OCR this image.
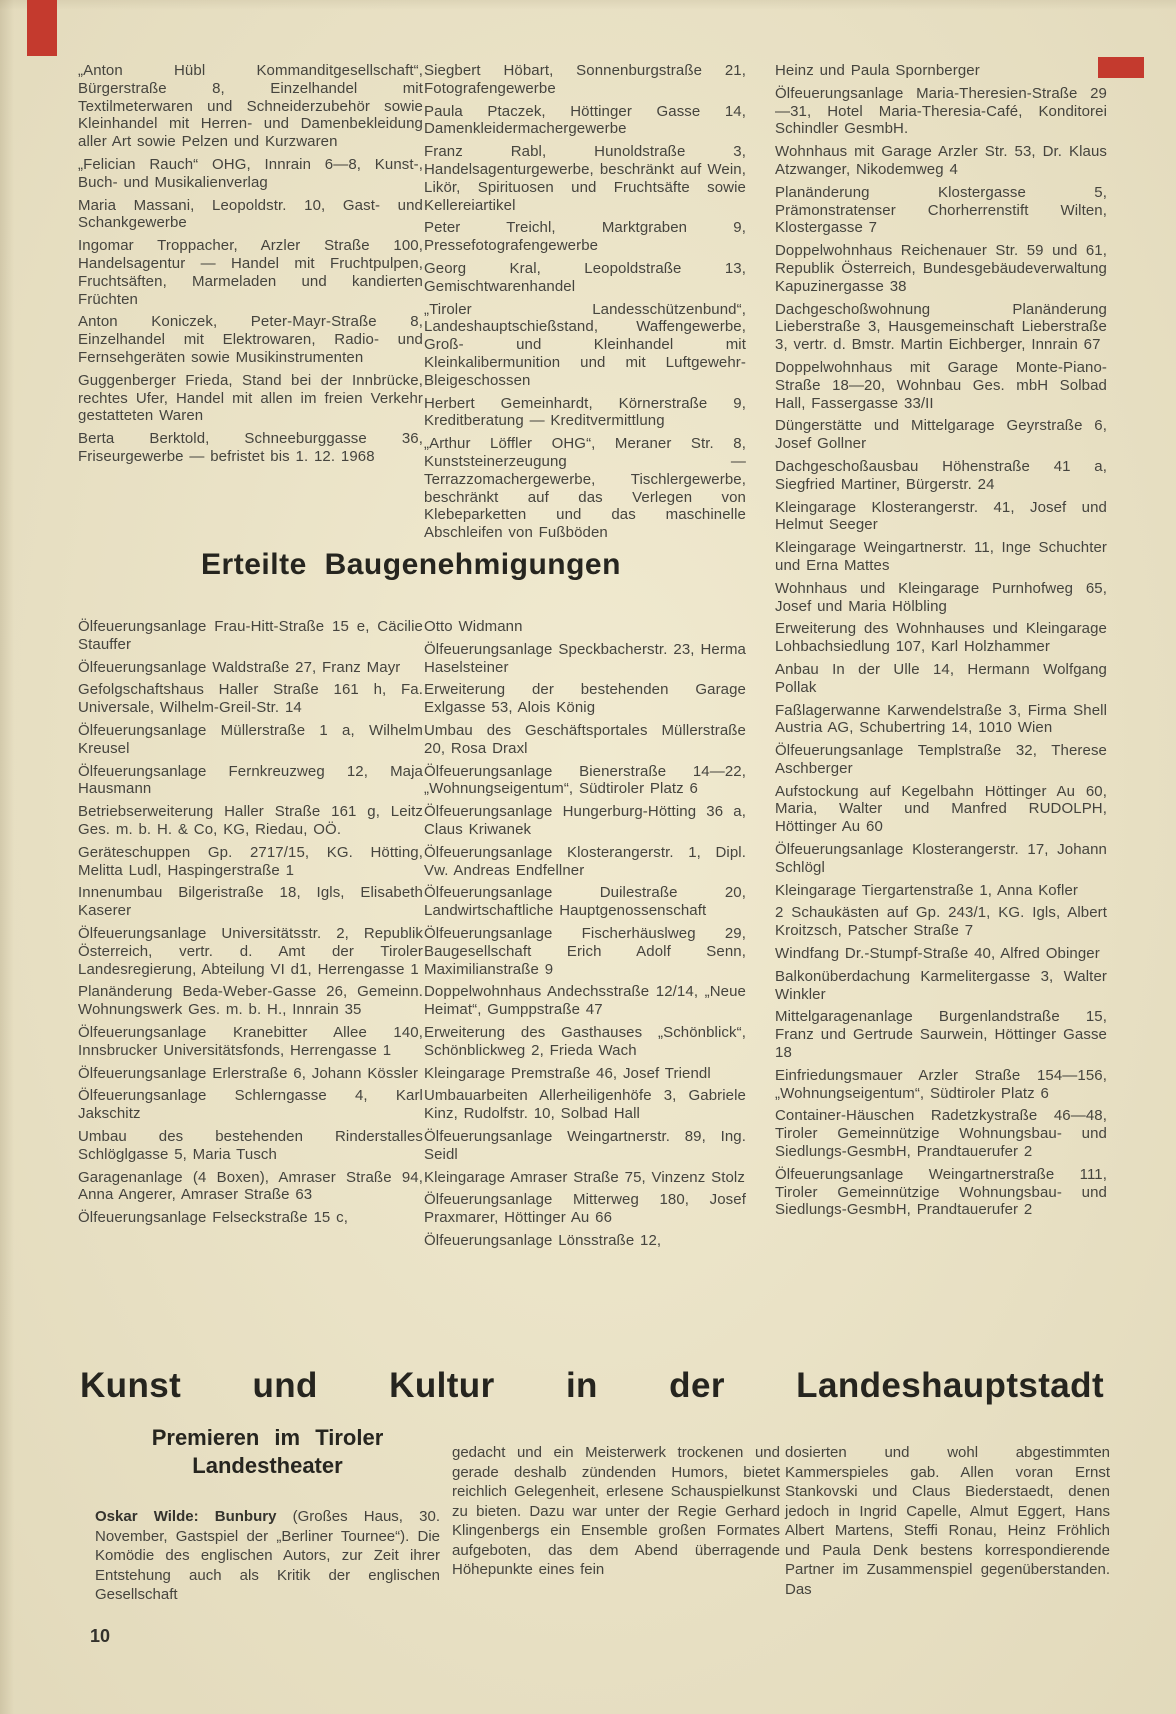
„Anton Hübl Kommanditgesellschaft“, Bürgerstraße 8, Einzelhandel mit Textilmeterwaren und Schneiderzubehör sowie Kleinhandel mit Herren- und Damenbekleidung aller Art sowie Pelzen und Kurzwaren

„Felician Rauch“ OHG, Innrain 6—8, Kunst-, Buch- und Musikalienverlag

Maria Massani, Leopoldstr. 10, Gast- und Schankgewerbe

Ingomar Troppacher, Arzler Straße 100, Handelsagentur — Handel mit Fruchtpulpen, Fruchtsäften, Marmeladen und kandierten Früchten

Anton Koniczek, Peter-Mayr-Straße 8, Einzelhandel mit Elektrowaren, Radio- und Fernsehgeräten sowie Musikinstrumenten

Guggenberger Frieda, Stand bei der Innbrücke, rechtes Ufer, Handel mit allen im freien Verkehr gestatteten Waren

Berta Berktold, Schneeburggasse 36, Friseurgewerbe — befristet bis 1. 12. 1968

Siegbert Höbart, Sonnenburgstraße 21, Fotografengewerbe

Paula Ptaczek, Höttinger Gasse 14, Damenkleidermachergewerbe

Franz Rabl, Hunoldstraße 3, Handelsagenturgewerbe, beschränkt auf Wein, Likör, Spirituosen und Fruchtsäfte sowie Kellereiartikel

Peter Treichl, Marktgraben 9, Pressefotografengewerbe

Georg Kral, Leopoldstraße 13, Gemischtwarenhandel

„Tiroler Landesschützenbund“, Landeshauptschießstand, Waffengewerbe, Groß- und Kleinhandel mit Kleinkalibermunition und mit Luftgewehr-Bleigeschossen

Herbert Gemeinhardt, Körnerstraße 9, Kreditberatung — Kreditvermittlung

„Arthur Löffler OHG“, Meraner Str. 8, Kunststeinerzeugung — Terrazzomachergewerbe, Tischlergewerbe, beschränkt auf das Verlegen von Klebeparketten und das maschinelle Abschleifen von Fußböden

Heinz und Paula Spornberger

Ölfeuerungsanlage Maria-Theresien-Straße 29—31, Hotel Maria-Theresia-Café, Konditorei Schindler GesmbH.

Wohnhaus mit Garage Arzler Str. 53, Dr. Klaus Atzwanger, Nikodemweg 4

Planänderung Klostergasse 5, Prämonstratenser Chorherrenstift Wilten, Klostergasse 7

Doppelwohnhaus Reichenauer Str. 59 und 61, Republik Österreich, Bundesgebäudeverwaltung Kapuzinergasse 38

Dachgeschoßwohnung Planänderung Lieberstraße 3, Hausgemeinschaft Lieberstraße 3, vertr. d. Bmstr. Martin Eichberger, Innrain 67

Doppelwohnhaus mit Garage Monte-Piano-Straße 18—20, Wohnbau Ges. mbH Solbad Hall, Fassergasse 33/II

Düngerstätte und Mittelgarage Geyrstraße 6, Josef Gollner

Dachgeschoßausbau Höhenstraße 41 a, Siegfried Martiner, Bürgerstr. 24

Kleingarage Klosterangerstr. 41, Josef und Helmut Seeger

Kleingarage Weingartnerstr. 11, Inge Schuchter und Erna Mattes

Wohnhaus und Kleingarage Purnhofweg 65, Josef und Maria Hölbling

Erweiterung des Wohnhauses und Kleingarage Lohbachsiedlung 107, Karl Holzhammer

Anbau In der Ulle 14, Hermann Wolfgang Pollak

Faßlagerwanne Karwendelstraße 3, Firma Shell Austria AG, Schubertring 14, 1010 Wien

Ölfeuerungsanlage Templstraße 32, Therese Aschberger

Aufstockung auf Kegelbahn Höttinger Au 60, Maria, Walter und Manfred RUDOLPH, Höttinger Au 60

Ölfeuerungsanlage Klosterangerstr. 17, Johann Schlögl

Kleingarage Tiergartenstraße 1, Anna Kofler

2 Schaukästen auf Gp. 243/1, KG. Igls, Albert Kroitzsch, Patscher Straße 7

Windfang Dr.-Stumpf-Straße 40, Alfred Obinger

Balkonüberdachung Karmelitergasse 3, Walter Winkler

Mittelgaragenanlage Burgenlandstraße 15, Franz und Gertrude Saurwein, Höttinger Gasse 18

Einfriedungsmauer Arzler Straße 154—156, „Wohnungseigentum“, Südtiroler Platz 6

Container-Häuschen Radetzkystraße 46—48, Tiroler Gemeinnützige Wohnungsbau- und Siedlungs-GesmbH, Prandtauerufer 2

Ölfeuerungsanlage Weingartnerstraße 111, Tiroler Gemeinnützige Wohnungsbau- und Siedlungs-GesmbH, Prandtauerufer 2

Erteilte Baugenehmigungen

Ölfeuerungsanlage Frau-Hitt-Straße 15 e, Cäcilie Stauffer

Ölfeuerungsanlage Waldstraße 27, Franz Mayr

Gefolgschaftshaus Haller Straße 161 h, Fa. Universale, Wilhelm-Greil-Str. 14

Ölfeuerungsanlage Müllerstraße 1 a, Wilhelm Kreusel

Ölfeuerungsanlage Fernkreuzweg 12, Maja Hausmann

Betriebserweiterung Haller Straße 161 g, Leitz Ges. m. b. H. & Co, KG, Riedau, OÖ.

Geräteschuppen Gp. 2717/15, KG. Hötting, Melitta Ludl, Haspingerstraße 1

Innenumbau Bilgeristraße 18, Igls, Elisabeth Kaserer

Ölfeuerungsanlage Universitätsstr. 2, Republik Österreich, vertr. d. Amt der Tiroler Landesregierung, Abteilung VI d1, Herrengasse 1

Planänderung Beda-Weber-Gasse 26, Gemeinn. Wohnungswerk Ges. m. b. H., Innrain 35

Ölfeuerungsanlage Kranebitter Allee 140, Innsbrucker Universitätsfonds, Herrengasse 1

Ölfeuerungsanlage Erlerstraße 6, Johann Kössler

Ölfeuerungsanlage Schlerngasse 4, Karl Jakschitz

Umbau des bestehenden Rinderstalles Schlöglgasse 5, Maria Tusch

Garagenanlage (4 Boxen), Amraser Straße 94, Anna Angerer, Amraser Straße 63

Ölfeuerungsanlage Felseckstraße 15 c,

Otto Widmann

Ölfeuerungsanlage Speckbacherstr. 23, Herma Haselsteiner

Erweiterung der bestehenden Garage Exlgasse 53, Alois König

Umbau des Geschäftsportales Müllerstraße 20, Rosa Draxl

Ölfeuerungsanlage Bienerstraße 14—22, „Wohnungseigentum“, Südtiroler Platz 6

Ölfeuerungsanlage Hungerburg-Hötting 36 a, Claus Kriwanek

Ölfeuerungsanlage Klosterangerstr. 1, Dipl. Vw. Andreas Endfellner

Ölfeuerungsanlage Duilestraße 20, Landwirtschaftliche Hauptgenossenschaft

Ölfeuerungsanlage Fischerhäuslweg 29, Baugesellschaft Erich Adolf Senn, Maximilianstraße 9

Doppelwohnhaus Andechsstraße 12/14, „Neue Heimat“, Gumppstraße 47

Erweiterung des Gasthauses „Schönblick“, Schönblickweg 2, Frieda Wach

Kleingarage Premstraße 46, Josef Triendl

Umbauarbeiten Allerheiligenhöfe 3, Gabriele Kinz, Rudolfstr. 10, Solbad Hall

Ölfeuerungsanlage Weingartnerstr. 89, Ing. Seidl

Kleingarage Amraser Straße 75, Vinzenz Stolz

Ölfeuerungsanlage Mitterweg 180, Josef Praxmarer, Höttinger Au 66

Ölfeuerungsanlage Lönsstraße 12,

Kunst und Kultur in der Landeshauptstadt
Premieren im Tiroler
Landestheater

Oskar Wilde: Bunbury (Großes Haus, 30. November, Gastspiel der „Berliner Tournee“). Die Komödie des englischen Autors, zur Zeit ihrer Entstehung auch als Kritik der englischen Gesellschaft

gedacht und ein Meisterwerk trockenen und gerade deshalb zündenden Humors, bietet reichlich Gelegenheit, erlesene Schauspielkunst zu bieten. Dazu war unter der Regie Gerhard Klingenbergs ein Ensemble großen Formates aufgeboten, das dem Abend überragende Höhepunkte eines fein

dosierten und wohl abgestimmten Kammerspieles gab. Allen voran Ernst Stankovski und Claus Biederstaedt, denen jedoch in Ingrid Capelle, Almut Eggert, Hans Albert Martens, Steffi Ronau, Heinz Fröhlich und Paula Denk bestens korrespondierende Partner im Zusammenspiel gegenüberstanden. Das

10
